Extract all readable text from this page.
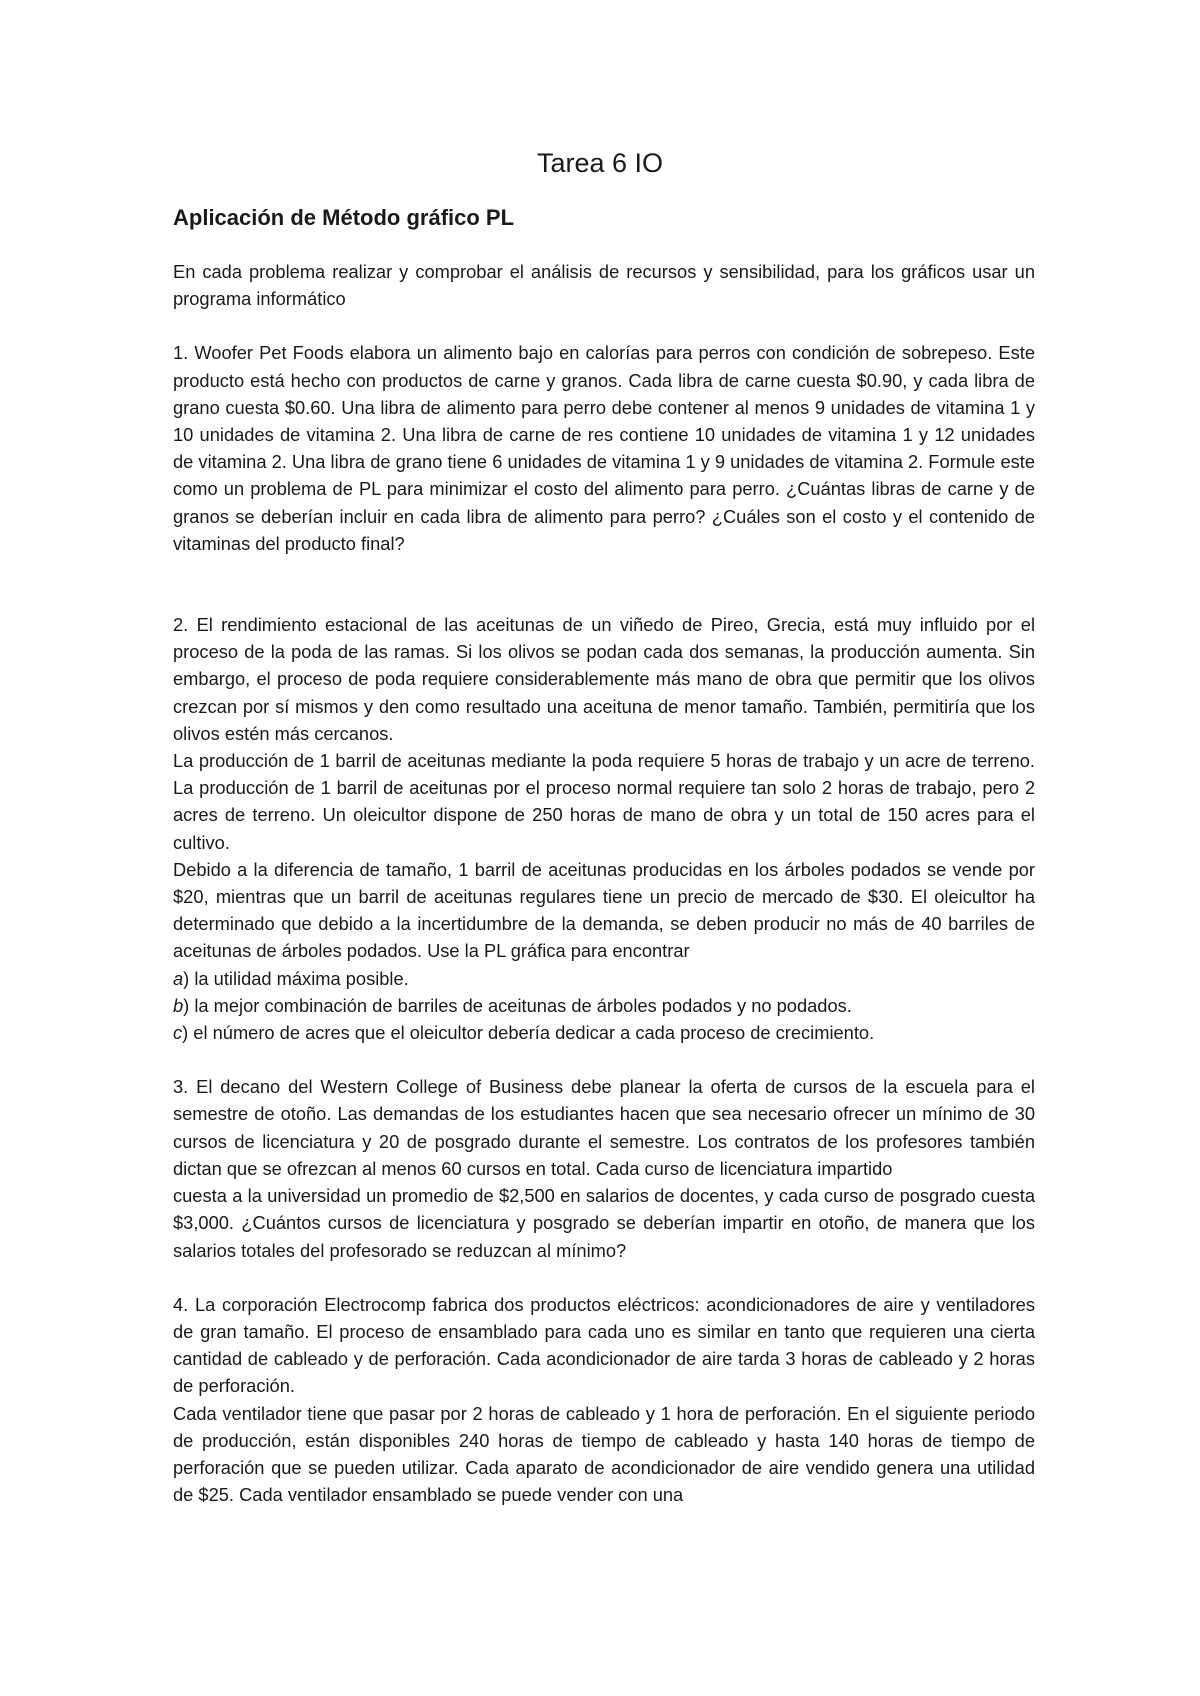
Tarea 6 IO
Aplicación de Método gráfico PL

En cada problema realizar y comprobar el análisis de recursos y sensibilidad, para los gráficos usar un programa informático

1. Woofer Pet Foods elabora un alimento bajo en calorías para perros con condición de sobrepeso. Este producto está hecho con productos de carne y granos. Cada libra de carne cuesta $0.90, y cada libra de grano cuesta $0.60. Una libra de alimento para perro debe contener al menos 9 unidades de vitamina 1 y 10 unidades de vitamina 2. Una libra de carne de res contiene 10 unidades de vitamina 1 y 12 unidades de vitamina 2. Una libra de grano tiene 6 unidades de vitamina 1 y 9 unidades de vitamina 2. Formule este como un problema de PL para minimizar el costo del alimento para perro. ¿Cuántas libras de carne y de granos se deberían incluir en cada libra de alimento para perro? ¿Cuáles son el costo y el contenido de vitaminas del producto final?

2. El rendimiento estacional de las aceitunas de un viñedo de Pireo, Grecia, está muy influido por el proceso de la poda de las ramas. Si los olivos se podan cada dos semanas, la producción aumenta. Sin embargo, el proceso de poda requiere considerablemente más mano de obra que permitir que los olivos crezcan por sí mismos y den como resultado una aceituna de menor tamaño. También, permitiría que los olivos estén más cercanos.

La producción de 1 barril de aceitunas mediante la poda requiere 5 horas de trabajo y un acre de terreno. La producción de 1 barril de aceitunas por el proceso normal requiere tan solo 2 horas de trabajo, pero 2 acres de terreno. Un oleicultor dispone de 250 horas de mano de obra y un total de 150 acres para el cultivo.

Debido a la diferencia de tamaño, 1 barril de aceitunas producidas en los árboles podados se vende por $20, mientras que un barril de aceitunas regulares tiene un precio de mercado de $30. El oleicultor ha determinado que debido a la incertidumbre de la demanda, se deben producir no más de 40 barriles de aceitunas de árboles podados. Use la PL gráfica para encontrar

a) la utilidad máxima posible.

b) la mejor combinación de barriles de aceitunas de árboles podados y no podados.

c) el número de acres que el oleicultor debería dedicar a cada proceso de crecimiento.

3. El decano del Western College of Business debe planear la oferta de cursos de la escuela para el semestre de otoño. Las demandas de los estudiantes hacen que sea necesario ofrecer un mínimo de 30 cursos de licenciatura y 20 de posgrado durante el semestre. Los contratos de los profesores también dictan que se ofrezcan al menos 60 cursos en total. Cada curso de licenciatura impartido

cuesta a la universidad un promedio de $2,500 en salarios de docentes, y cada curso de posgrado cuesta $3,000. ¿Cuántos cursos de licenciatura y posgrado se deberían impartir en otoño, de manera que los salarios totales del profesorado se reduzcan al mínimo?

4. La corporación Electrocomp fabrica dos productos eléctricos: acondicionadores de aire y ventiladores de gran tamaño. El proceso de ensamblado para cada uno es similar en tanto que requieren una cierta cantidad de cableado y de perforación. Cada acondicionador de aire tarda 3 horas de cableado y 2 horas de perforación.

Cada ventilador tiene que pasar por 2 horas de cableado y 1 hora de perforación. En el siguiente periodo de producción, están disponibles 240 horas de tiempo de cableado y hasta 140 horas de tiempo de perforación que se pueden utilizar. Cada aparato de acondicionador de aire vendido genera una utilidad de $25. Cada ventilador ensamblado se puede vender con una
